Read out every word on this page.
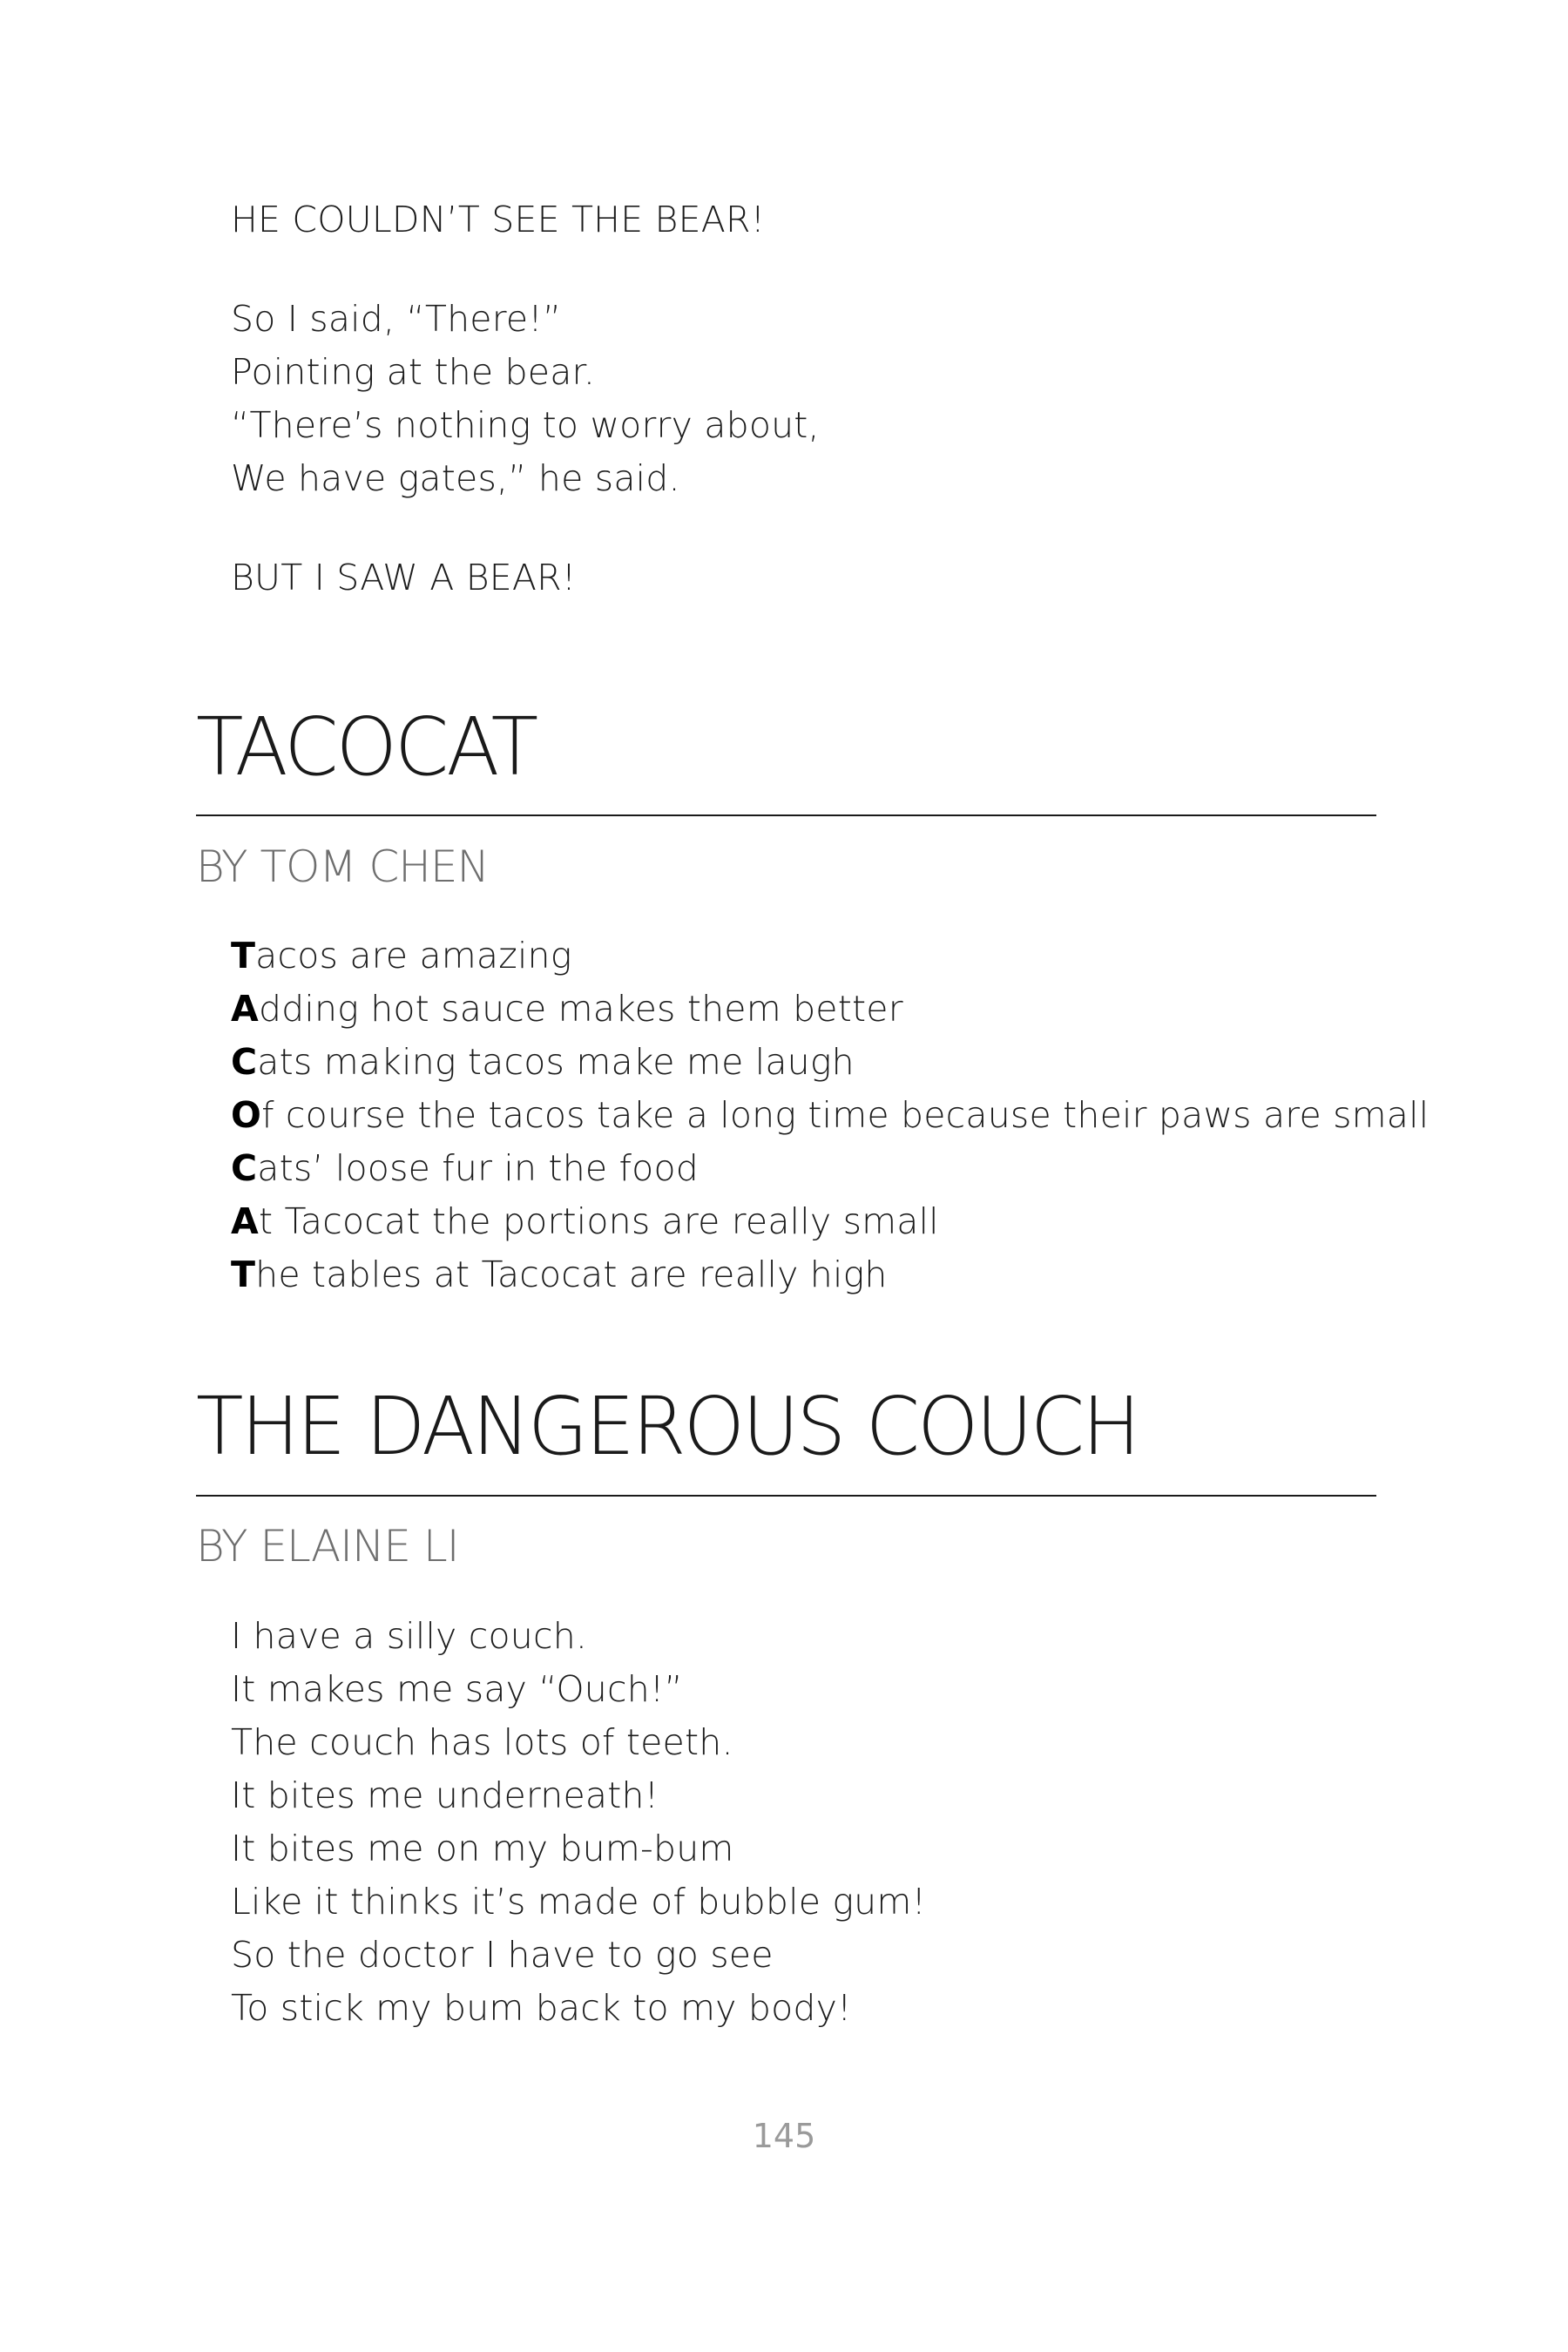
HE COULDN’T SEE THE BEAR!
So I said, “There!”
Pointing at the bear.
“There’s nothing to worry about,
We have gates,” he said.
BUT I SAW A BEAR!
TACOCAT
BY TOM CHEN
Tacos are amazing
Adding hot sauce makes them better
Cats making tacos make me laugh
Of course the tacos take a long time because their paws are small
Cats’ loose fur in the food
At Tacocat the portions are really small
The tables at Tacocat are really high
THE DANGEROUS COUCH
BY ELAINE LI
I have a silly couch.
It makes me say “Ouch!”
The couch has lots of teeth.
It bites me underneath!
It bites me on my bum-bum
Like it thinks it’s made of bubble gum!
So the doctor I have to go see
To stick my bum back to my body!
145
